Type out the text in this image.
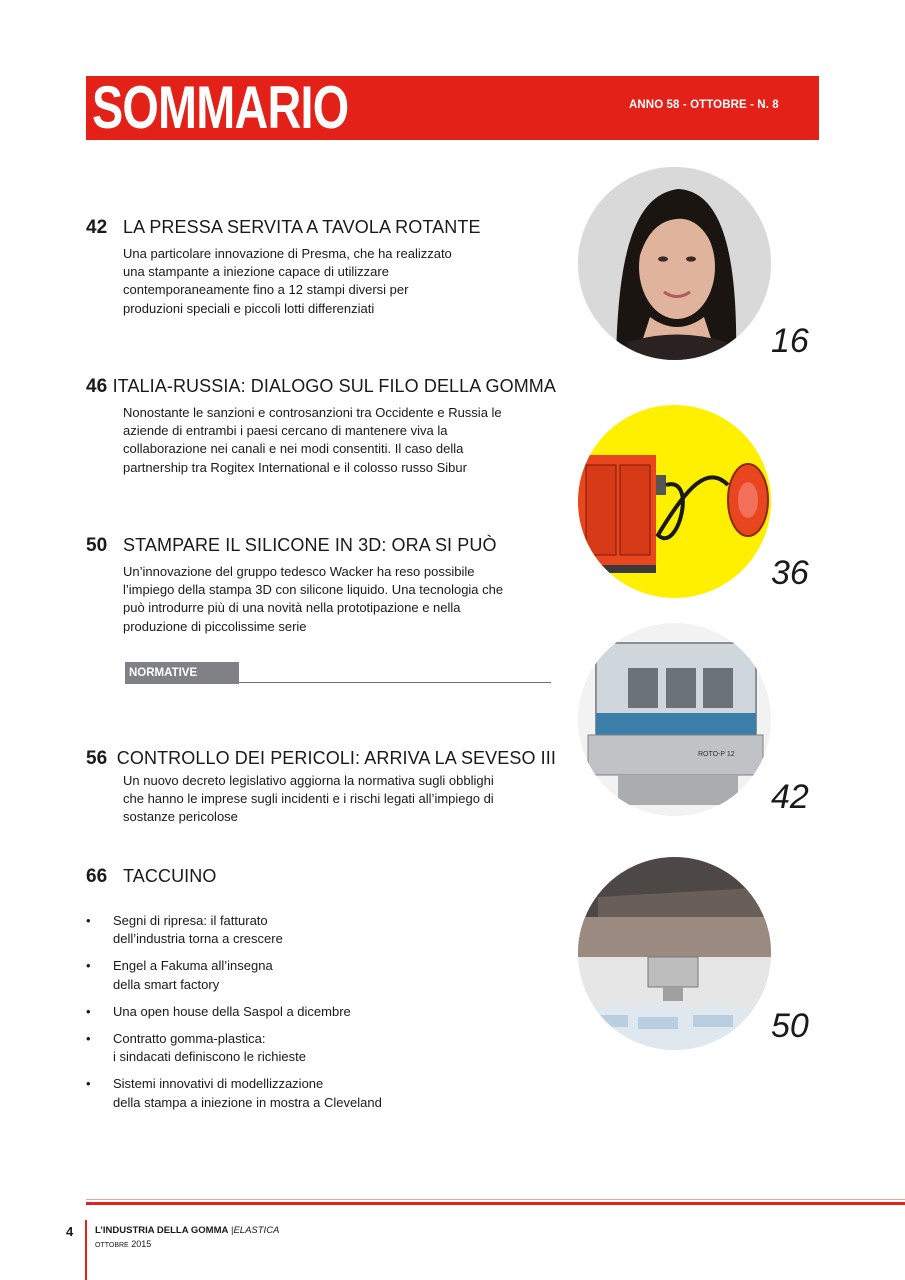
SOMMARIO	ANNO 58 - OTTOBRE - N. 8
42 LA PRESSA SERVITA A TAVOLA ROTANTE
Una particolare innovazione di Presma, che ha realizzato una stampante a iniezione capace di utilizzare contemporaneamente fino a 12 stampi diversi per produzioni speciali e piccoli lotti differenziati
46 ITALIA-RUSSIA: DIALOGO SUL FILO DELLA GOMMA
Nonostante le sanzioni e controsanzioni tra Occidente e Russia le aziende di entrambi i paesi cercano di mantenere viva la collaborazione nei canali e nei modi consentiti. Il caso della partnership tra Rogitex International e il colosso russo Sibur
50 STAMPARE IL SILICONE IN 3D: ORA SI PUÒ
Un’innovazione del gruppo tedesco Wacker ha reso possibile l’impiego della stampa 3D con silicone liquido. Una tecnologia che può introdurre più di una novità nella prototipazione e nella produzione di piccolissime serie
NORMATIVE
56 CONTROLLO DEI PERICOLI: ARRIVA LA SEVESO III
Un nuovo decreto legislativo aggiorna la normativa sugli obblighi che hanno le imprese sugli incidenti e i rischi legati all’impiego di sostanze pericolose
66 TACCUINO
• Segni di ripresa: il fatturato
dell’industria torna a crescere
• Engel a Fakuma all’insegna
della smart factory
• Una open house della Saspol a dicembre
• Contratto gomma-plastica:
i sindacati definiscono le richieste
• Sistemi innovativi di modellizzazione
della stampa a iniezione in mostra a Cleveland
16
36
ROTO-P 12
42
50
4 L’INDUSTRIA DELLA GOMMA |ELASTICA
OTTOBRE 2015
